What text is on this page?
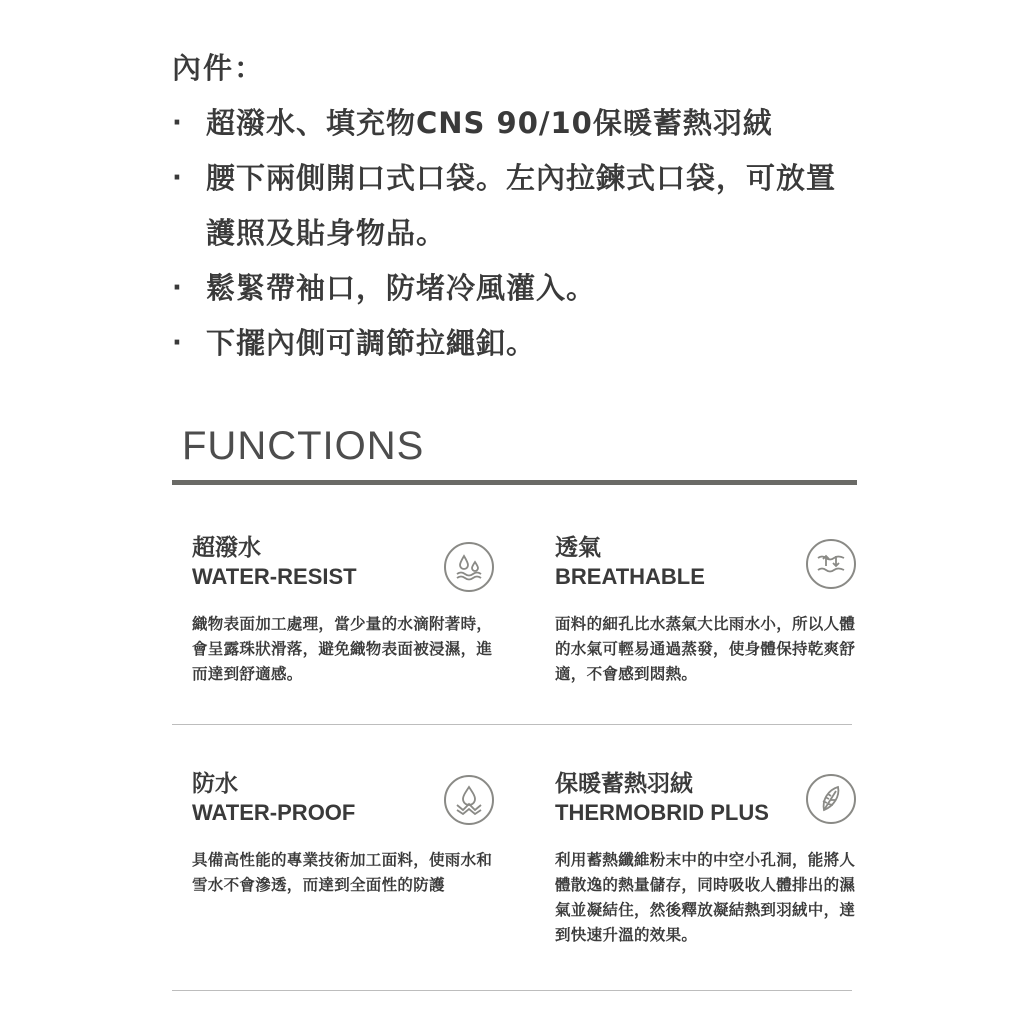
內件：
· 超潑水、填充物CNS 90/10保暖蓄熱羽絨
· 腰下兩側開口式口袋。左內拉鍊式口袋，可放置護照及貼身物品。
· 鬆緊帶袖口，防堵冷風灌入。
· 下擺內側可調節拉繩釦。
FUNCTIONS
超潑水
WATER-RESIST
織物表面加工處理，當少量的水滴附著時，會呈露珠狀滑落，避免織物表面被浸濕，進而達到舒適感。
透氣
BREATHABLE
面料的細孔比水蒸氣大比雨水小，所以人體的水氣可輕易通過蒸發，使身體保持乾爽舒適，不會感到悶熱。
防水
WATER-PROOF
具備高性能的專業技術加工面料，使雨水和雪水不會滲透，而達到全面性的防護
保暖蓄熱羽絨
THERMOBRID PLUS
利用蓄熱纖維粉末中的中空小孔洞，能將人體散逸的熱量儲存，同時吸收人體排出的濕氣並凝結住，然後釋放凝結熱到羽絨中，達到快速升溫的效果。
